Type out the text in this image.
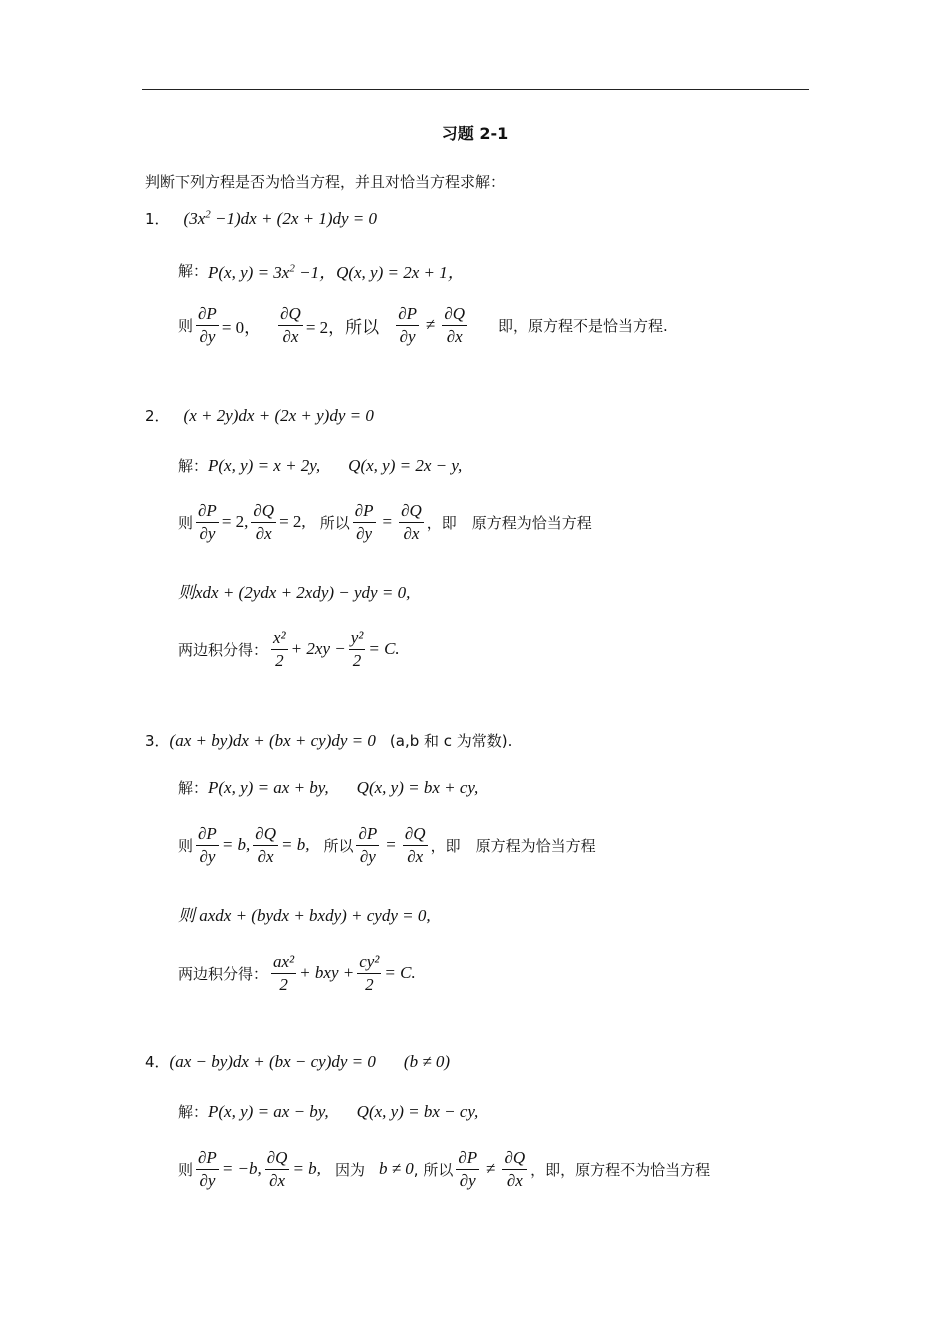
习题 2-1
判断下列方程是否为恰当方程，并且对恰当方程求解：
1． $(3x^2 -1)dx + (2x + 1)dy = 0$
解： P(x, $y) = 3x^2 -1$，Q(x, y) = 2x + 1，
则 $\frac{\partial P}{\partial y} = 0$， $\frac{\partial Q}{\partial x} = 2$，所以
∂P
∂y
≠
∂Q
∂x
即，原方程不是恰当方程.
2． (x + 2y)dx + (2x + y)dy = 0
解： P(x, y) = x + 2y, Q(x, y) = 2x − y,
则 $\frac{\partial P}{\partial y} = 2$, $\frac{\partial Q}{\partial x} = 2$, 所以 $\frac{\partial P}{\partial y} = \frac{\partial Q}{\partial x}$ ，即　原方程为恰当方程
则xdx + (2ydx + 2xdy) − ydy = 0,
两边积分得：
x²
2
+ $2xy - \frac{\text{y²}}{2} = C$.
3． (ax + by)dx + (bx + cy)dy = 0 (a,b 和 c 为常数).
解： P(x, y) = ax + by, Q(x, y) = bx + cy,
则 $\frac{\partial P}{\partial y} = b$, $\frac{\partial Q}{\partial x} = b$, 所以 $\frac{\partial P}{\partial y} = \frac{\partial Q}{\partial x}$ ，即　原方程为恰当方程
则 axdx + (bydx + bxdy) + cydy = 0,
两边积分得：
ax²
2
+ bxy + $\frac{\text{cy²}}{2} = C$.
4． (ax − by)dx + (bx − cy)dy = 0 (b ≠ 0)
解： P(x, y) = ax − by, Q(x, y) = bx − cy,
则 $\frac{\partial P}{\partial y} = -b$, $\frac{\partial Q}{\partial x} = b$, 因为 b ≠ 0 , 所以
∂P
∂y
≠
∂Q
∂x
，即，原方程不为恰当方程
